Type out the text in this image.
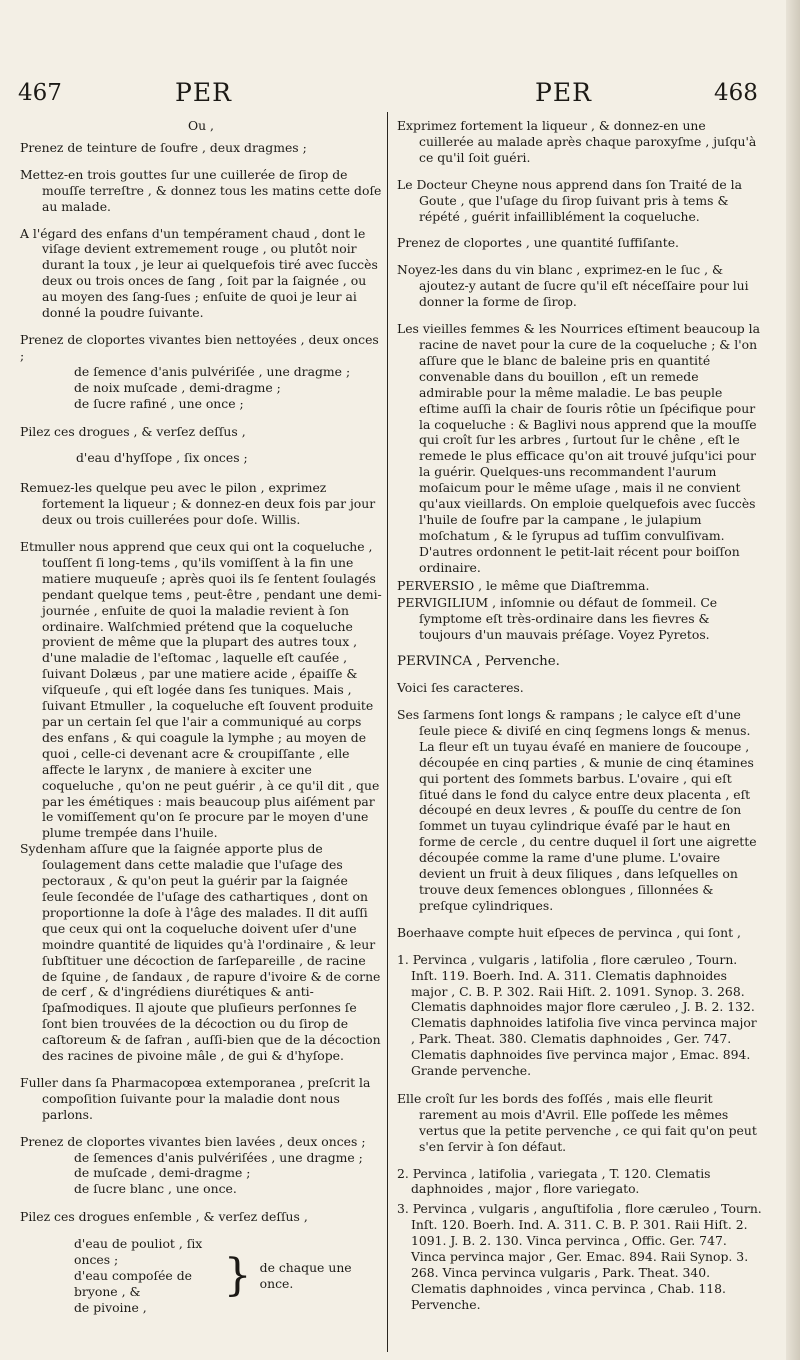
467	PER	PER	468

Ou ,

Prenez de teinture de ſoufre , deux dragmes ;

Mettez-en trois gouttes ſur une cuillerée de ſirop de mouſſe terreſtre , & donnez tous les matins cette doſe au malade.

A l'égard des enfans d'un tempérament chaud , dont le viſage devient extremement rouge , ou plutôt noir durant la toux , je leur ai quelquefois tiré avec ſuccès deux ou trois onces de ſang , ſoit par la ſaignée , ou au moyen des ſang-ſues ; enſuite de quoi je leur ai donné la poudre ſuivante.

Prenez de cloportes vivantes bien nettoyées , deux onces ;
de ſemence d'anis pulvériſée , une dragme ;
de noix muſcade , demi-dragme ;
de ſucre rafiné , une once ;

Pilez ces drogues , & verſez deſſus ,

d'eau d'hyſſope , ſix onces ;

Remuez-les quelque peu avec le pilon , exprimez fortement la liqueur ; & donnez-en deux fois par jour deux ou trois cuillerées pour doſe. Willis.

Etmuller nous apprend que ceux qui ont la coqueluche , touſſent ſi long-tems , qu'ils vomiſſent à la fin une matiere muqueuſe ; après quoi ils ſe ſentent ſoulagés pendant quelque tems , peut-être , pendant une demi-journée , enſuite de quoi la maladie revient à ſon ordinaire. Walſchmied prétend que la coqueluche provient de même que la plupart des autres toux , d'une maladie de l'eſtomac , laquelle eſt cauſée , ſuivant Dolæus , par une matiere acide , épaiſſe & viſqueuſe , qui eſt logée dans ſes tuniques. Mais , ſuivant Etmuller , la coqueluche eſt ſouvent produite par un certain ſel que l'air a communiqué au corps des enfans , & qui coagule la lymphe ; au moyen de quoi , celle-ci devenant acre & croupiſſante , elle affecte le larynx , de maniere à exciter une coqueluche , qu'on ne peut guérir , à ce qu'il dit , que par les émétiques : mais beaucoup plus aiſément par le vomiſſement qu'on ſe procure par le moyen d'une plume trempée dans l'huile.

Sydenham aſſure que la ſaignée apporte plus de ſoulagement dans cette maladie que l'uſage des pectoraux , & qu'on peut la guérir par la ſaignée ſeule ſecondée de l'uſage des cathartiques , dont on proportionne la doſe à l'âge des malades. Il dit auſſi que ceux qui ont la coqueluche doivent uſer d'une moindre quantité de liquides qu'à l'ordinaire , & leur ſubſtituer une décoction de ſarſepareille , de racine de ſquine , de ſandaux , de rapure d'ivoire & de corne de cerf , & d'ingrédiens diurétiques & anti-ſpaſmodiques. Il ajoute que pluſieurs perſonnes ſe ſont bien trouvées de la décoction ou du ſirop de caſtoreum & de ſafran , auſſi-bien que de la décoction des racines de pivoine mâle , de gui & d'hyſope.

Fuller dans ſa Pharmacopœa extemporanea , preſcrit la compoſition ſuivante pour la maladie dont nous parlons.

Prenez de cloportes vivantes bien lavées , deux onces ;
de ſemences d'anis pulvériſées , une dragme ;
de muſcade , demi-dragme ;
de ſucre blanc , une once.

Pilez ces drogues enſemble , & verſez deſſus ,

d'eau de pouliot , ſix onces ;
d'eau compoſée de bryone , &
de pivoine ,
} de chaque une once.

Exprimez fortement la liqueur , & donnez-en une cuillerée au malade après chaque paroxyſme , juſqu'à ce qu'il ſoit guéri.

Le Docteur Cheyne nous apprend dans ſon Traité de la Goute , que l'uſage du ſirop ſuivant pris à tems & répété , guérit infailliblément la coqueluche.

Prenez de cloportes , une quantité ſuffiſante.

Noyez-les dans du vin blanc , exprimez-en le ſuc , & ajoutez-y autant de ſucre qu'il eſt néceſſaire pour lui donner la forme de ſirop.

Les vieilles femmes & les Nourrices eſtiment beaucoup la racine de navet pour la cure de la coqueluche ; & l'on aſſure que le blanc de baleine pris en quantité convenable dans du bouillon , eſt un remede admirable pour la même maladie. Le bas peuple eſtime auſſi la chair de ſouris rôtie un ſpécifique pour la coqueluche : & Baglivi nous apprend que la mouſſe qui croît ſur les arbres , ſurtout ſur le chêne , eſt le remede le plus efficace qu'on ait trouvé juſqu'ici pour la guérir. Quelques-uns recommandent l'aurum moſaicum pour le même uſage , mais il ne convient qu'aux vieillards. On emploie quelquefois avec ſuccès l'huile de ſoufre par la campane , le julapium moſchatum , & le ſyrupus ad tuſſim convulſivam. D'autres ordonnent le petit-lait récent pour boiſſon ordinaire.

PERVERSIO , le même que Diaſtremma.

PERVIGILIUM , inſomnie ou défaut de ſommeil. Ce ſymptome eſt très-ordinaire dans les fievres & toujours d'un mauvais préſage. Voyez Pyretos.

PERVINCA , Pervenche.

Voici ſes caracteres.

Ses ſarmens ſont longs & rampans ; le calyce eſt d'une ſeule piece & diviſé en cinq ſegmens longs & menus. La fleur eſt un tuyau évaſé en maniere de ſoucoupe , découpée en cinq parties , & munie de cinq étamines qui portent des ſommets barbus. L'ovaire , qui eſt ſitué dans le fond du calyce entre deux placenta , eſt découpé en deux levres , & pouſſe du centre de ſon ſommet un tuyau cylindrique évaſé par le haut en forme de cercle , du centre duquel il ſort une aigrette découpée comme la rame d'une plume. L'ovaire devient un fruit à deux ſiliques , dans leſquelles on trouve deux ſemences oblongues , ſillonnées & preſque cylindriques.

Boerhaave compte huit eſpeces de pervinca , qui ſont ,

1. Pervinca , vulgaris , latifolia , flore cæruleo , Tourn. Inſt. 119. Boerh. Ind. A. 311. Clematis daphnoides major , C. B. P. 302. Raii Hiſt. 2. 1091. Synop. 3. 268. Clematis daphnoides major flore cæruleo , J. B. 2. 132. Clematis daphnoides latifolia ſive vinca pervinca major , Park. Theat. 380. Clematis daphnoides , Ger. 747. Clematis daphnoides ſive pervinca major , Emac. 894. Grande pervenche.

Elle croît ſur les bords des foſſés , mais elle fleurit rarement au mois d'Avril. Elle poſſede les mêmes vertus que la petite pervenche , ce qui fait qu'on peut s'en ſervir à ſon défaut.

2. Pervinca , latifolia , variegata , T. 120. Clematis daphnoides , major , flore variegato.

3. Pervinca , vulgaris , anguſtifolia , flore cæruleo , Tourn. Inſt. 120. Boerh. Ind. A. 311. C. B. P. 301. Raii Hiſt. 2. 1091. J. B. 2. 130. Vinca pervinca , Offic. Ger. 747. Vinca pervinca major , Ger. Emac. 894. Raii Synop. 3. 268. Vinca pervinca vulgaris , Park. Theat. 340. Clematis daphnoides , vinca pervinca , Chab. 118. Pervenche.
